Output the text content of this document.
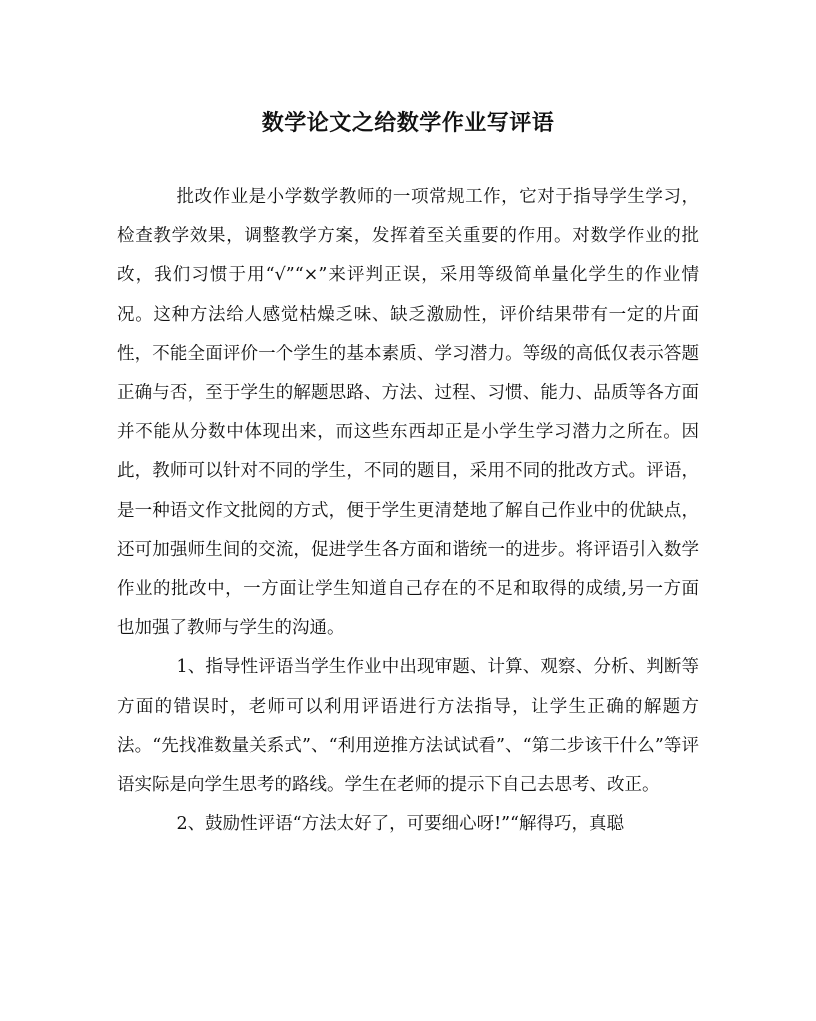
数学论文之给数学作业写评语

批改作业是小学数学教师的一项常规工作，它对于指导学生学习，检查教学效果，调整教学方案，发挥着至关重要的作用。对数学作业的批改，我们习惯于用“√”“×”来评判正误，采用等级简单量化学生的作业情况。这种方法给人感觉枯燥乏味、缺乏激励性，评价结果带有一定的片面性，不能全面评价一个学生的基本素质、学习潜力。等级的高低仅表示答题正确与否，至于学生的解题思路、方法、过程、习惯、能力、品质等各方面并不能从分数中体现出来，而这些东西却正是小学生学习潜力之所在。因此，教师可以针对不同的学生，不同的题目，采用不同的批改方式。评语，是一种语文作文批阅的方式，便于学生更清楚地了解自己作业中的优缺点，还可加强师生间的交流，促进学生各方面和谐统一的进步。将评语引入数学作业的批改中，一方面让学生知道自己存在的不足和取得的成绩,另一方面也加强了教师与学生的沟通。

1、指导性评语当学生作业中出现审题、计算、观察、分析、判断等方面的错误时，老师可以利用评语进行方法指导，让学生正确的解题方法。“先找准数量关系式”、“利用逆推方法试试看”、“第二步该干什么”等评语实际是向学生思考的路线。学生在老师的提示下自己去思考、改正。

2、鼓励性评语“方法太好了，可要细心呀!”“解得巧，真聪
